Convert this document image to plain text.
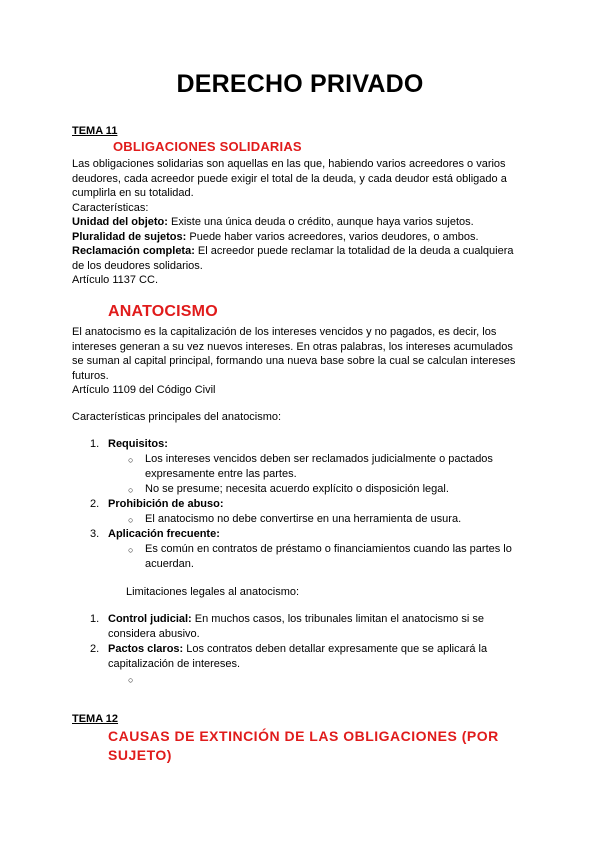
DERECHO PRIVADO
TEMA 11
OBLIGACIONES SOLIDARIAS
Las obligaciones solidarias son aquellas en las que, habiendo varios acreedores o varios
deudores, cada acreedor puede exigir el total de la deuda, y cada deudor está obligado a
cumplirla en su totalidad.
Características:
Unidad del objeto: Existe una única deuda o crédito, aunque haya varios sujetos.
Pluralidad de sujetos: Puede haber varios acreedores, varios deudores, o ambos.
Reclamación completa: El acreedor puede reclamar la totalidad de la deuda a cualquiera
de los deudores solidarios.
Artículo 1137 CC.
ANATOCISMO
El anatocismo es la capitalización de los intereses vencidos y no pagados, es decir, los
intereses generan a su vez nuevos intereses. En otras palabras, los intereses acumulados
se suman al capital principal, formando una nueva base sobre la cual se calculan intereses
futuros.
Artículo 1109 del Código Civil
Características principales del anatocismo:
1. Requisitos:
○ Los intereses vencidos deben ser reclamados judicialmente o pactados
expresamente entre las partes.
○ No se presume; necesita acuerdo explícito o disposición legal.
2. Prohibición de abuso:
○ El anatocismo no debe convertirse en una herramienta de usura.
3. Aplicación frecuente:
○ Es común en contratos de préstamo o financiamientos cuando las partes lo
acuerdan.
Limitaciones legales al anatocismo:
1. Control judicial: En muchos casos, los tribunales limitan el anatocismo si se
considera abusivo.
2. Pactos claros: Los contratos deben detallar expresamente que se aplicará la
capitalización de intereses.
○
TEMA 12
CAUSAS DE EXTINCIÓN DE LAS OBLIGACIONES (POR
SUJETO)
